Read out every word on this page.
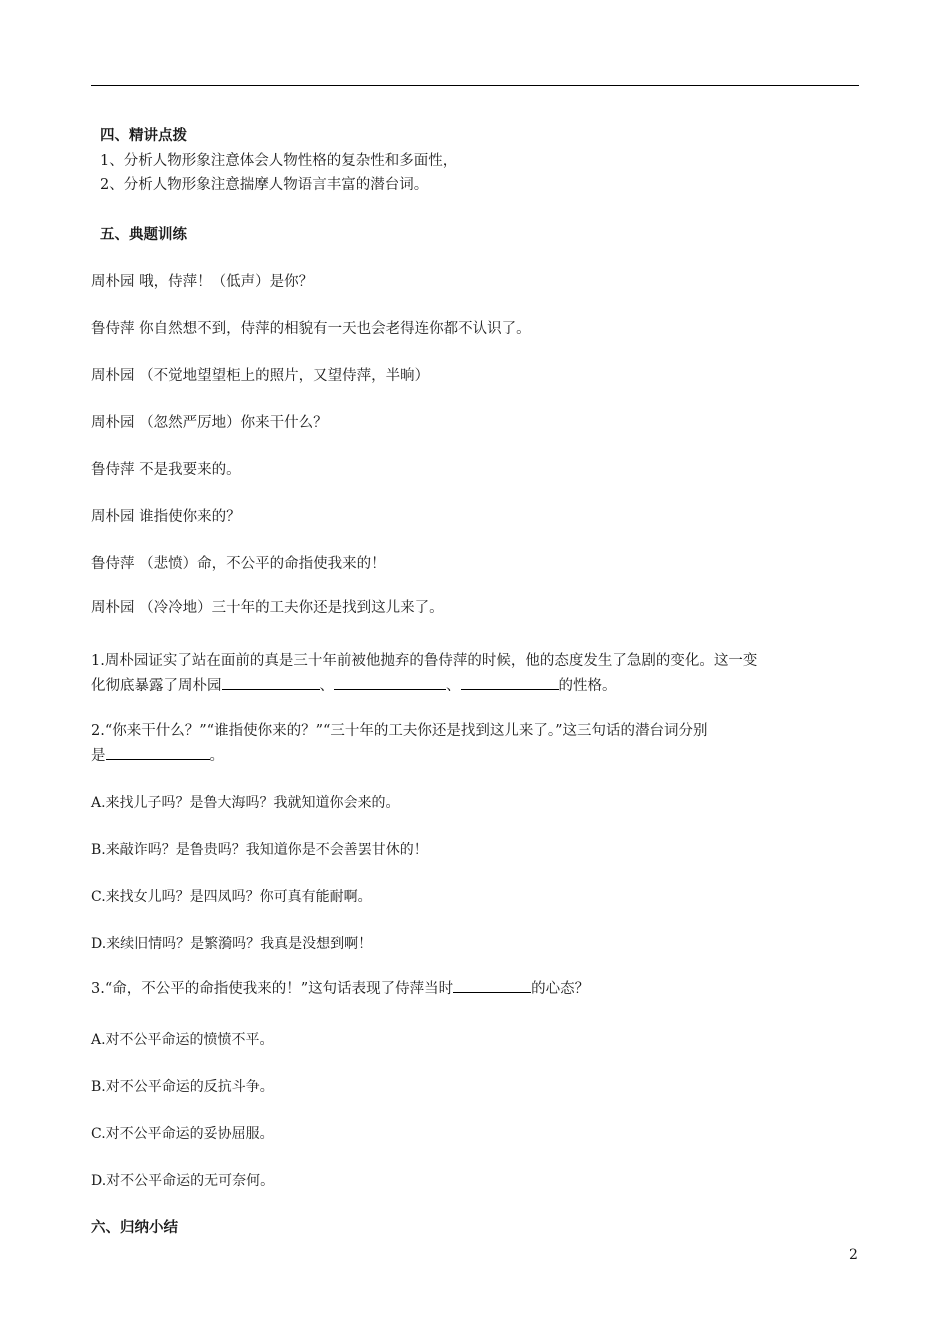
四、精讲点拨
1、分析人物形象注意体会人物性格的复杂性和多面性，
2、分析人物形象注意揣摩人物语言丰富的潜台词。
五、典题训练
周朴园 哦，侍萍！（低声）是你？
鲁侍萍 你自然想不到，侍萍的相貌有一天也会老得连你都不认识了。
周朴园 （不觉地望望柜上的照片，又望侍萍，半晌）
周朴园 （忽然严厉地）你来干什么？
鲁侍萍 不是我要来的。
周朴园 谁指使你来的？
鲁侍萍 （悲愤）命，不公平的命指使我来的！
周朴园 （冷冷地）三十年的工夫你还是找到这儿来了。
1.周朴园证实了站在面前的真是三十年前被他抛弃的鲁侍萍的时候，他的态度发生了急剧的变化。这一变
化彻底暴露了周朴园	、	、	的性格。
2.“你来干什么？”“谁指使你来的？”“三十年的工夫你还是找到这儿来了。”这三句话的潜台词分别
是	。
A.来找儿子吗？是鲁大海吗？我就知道你会来的。
B.来敲诈吗？是鲁贵吗？我知道你是不会善罢甘休的！
C.来找女儿吗？是四凤吗？你可真有能耐啊。
D.来续旧情吗？是繁漪吗？我真是没想到啊！
3.“命，不公平的命指使我来的！”这句话表现了侍萍当时	的心态？
A.对不公平命运的愤愤不平。
B.对不公平命运的反抗斗争。
C.对不公平命运的妥协屈服。
D.对不公平命运的无可奈何。
六、归纳小结
2
